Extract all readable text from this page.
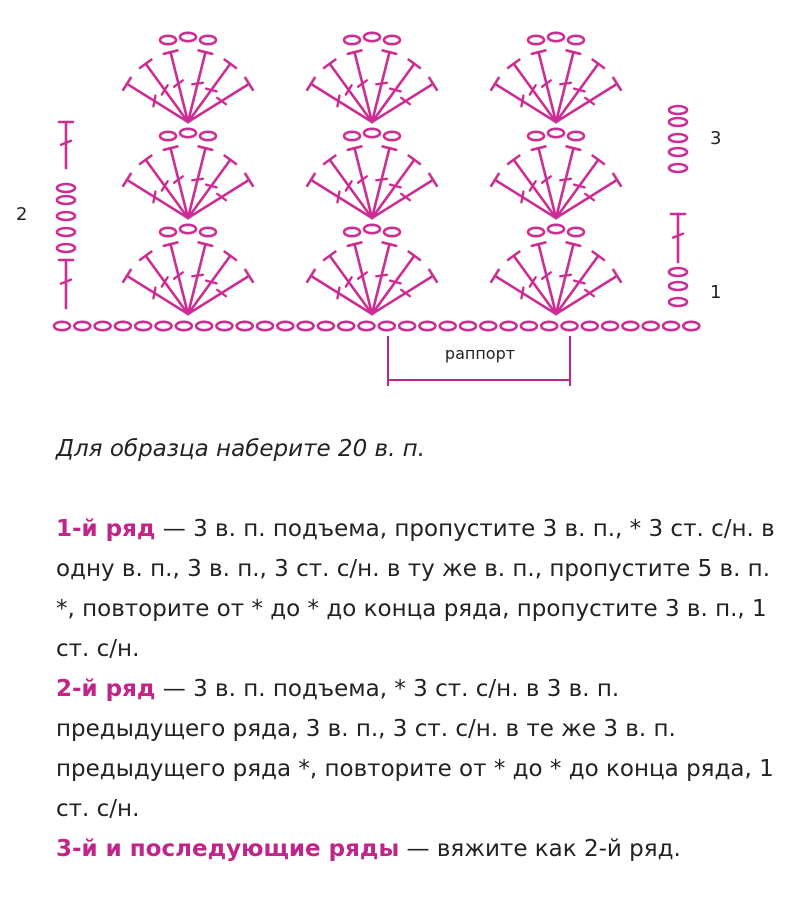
2
3
1
раппорт
Для образца наберите 20 в. п.

1-й ряд — 3 в. п. подъема, пропустите 3 в. п., * 3 ст. с/н. в одну в. п., 3 в. п., 3 ст. с/н. в ту же в. п., пропустите 5 в. п. *, повторите от * до * до конца ряда, пропустите 3 в. п., 1 ст. с/н.

2-й ряд — 3 в. п. подъема, * 3 ст. с/н. в 3 в. п. предыдущего ряда, 3 в. п., 3 ст. с/н. в те же 3 в. п. предыдущего ряда *, повторите от * до * до конца ряда, 1 ст. с/н.

3-й и последующие ряды — вяжите как 2-й ряд.
